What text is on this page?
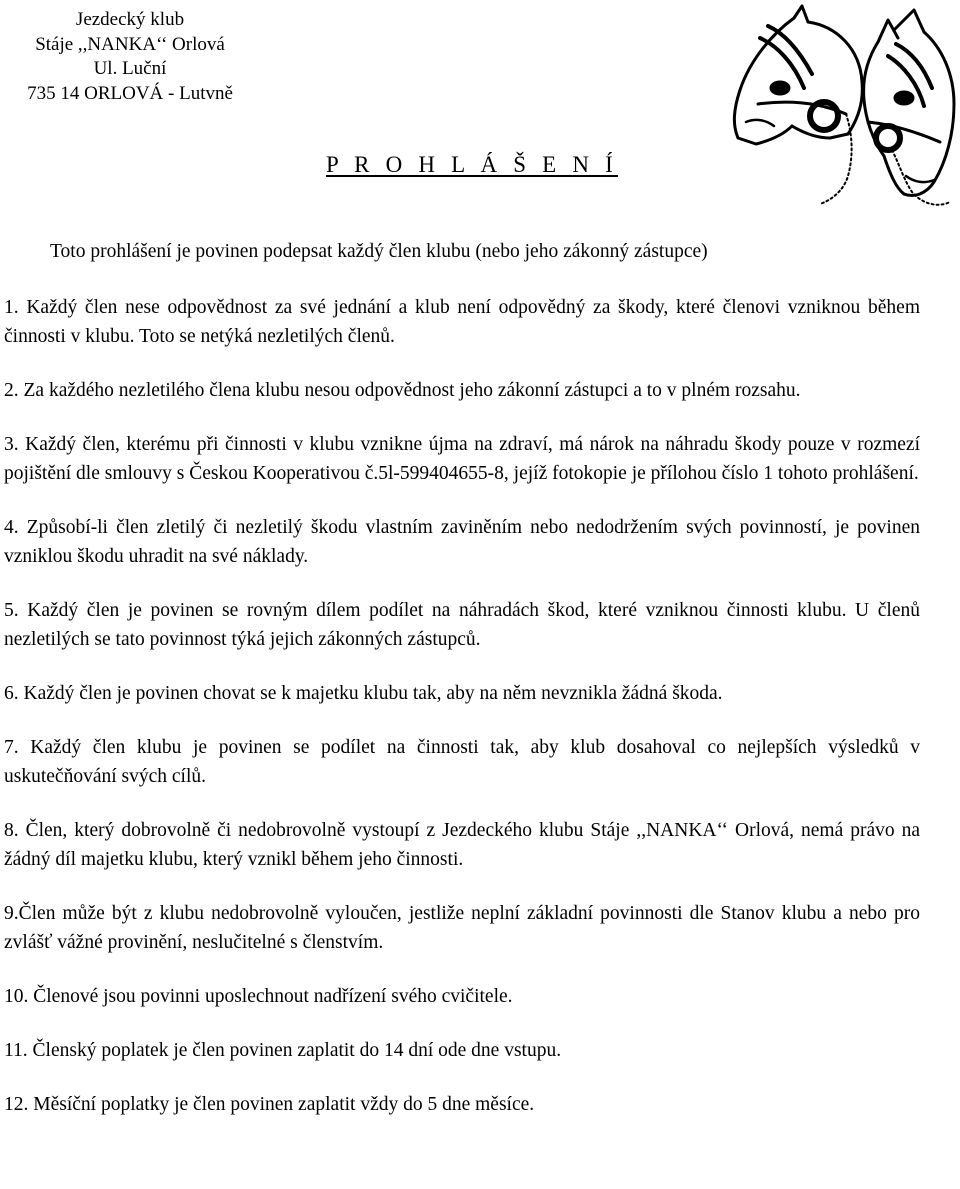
Jezdecký klub
Stáje ,,NANKA‘‘ Orlová
Ul. Luční
735 14 ORLOVÁ - Lutvně
P R O H L Á Š E N Í
Toto prohlášení je povinen podepsat každý člen klubu (nebo jeho zákonný zástupce)
1. Každý člen nese odpovědnost za své jednání a klub není odpovědný za škody, které členovi vzniknou během činnosti v klubu. Toto se netýká nezletilých členů.
2. Za každého nezletilého člena klubu nesou odpovědnost jeho zákonní zástupci a to v plném rozsahu.
3. Každý člen, kterému při činnosti v klubu vznikne újma na zdraví, má nárok na náhradu škody pouze v rozmezí pojištění dle smlouvy s Českou Kooperativou č.5l-599404655-8, jejíž fotokopie je přílohou číslo 1 tohoto prohlášení.
4. Způsobí-li člen zletilý či nezletilý škodu vlastním zaviněním nebo nedodržením svých povinností, je povinen vzniklou škodu uhradit na své náklady.
5. Každý člen je povinen se rovným dílem podílet na náhradách škod, které vzniknou činnosti klubu. U členů nezletilých se tato povinnost týká jejich zákonných zástupců.
6. Každý člen je povinen chovat se k majetku klubu tak, aby na něm nevznikla žádná škoda.
7. Každý člen klubu je povinen se podílet na činnosti tak, aby klub dosahoval co nejlepších výsledků v uskutečňování svých cílů.
8. Člen, který dobrovolně či nedobrovolně vystoupí z Jezdeckého klubu Stáje ,,NANKA‘‘ Orlová, nemá právo na žádný díl majetku klubu, který vznikl během jeho činnosti.
9.Člen může být z klubu nedobrovolně vyloučen, jestliže neplní základní povinnosti dle Stanov klubu a nebo pro zvlášť vážné provinění, neslučitelné s členstvím.
10. Členové jsou povinni uposlechnout nadřízení svého cvičitele.
11. Členský poplatek je člen povinen zaplatit do 14 dní ode dne vstupu.
12. Měsíční poplatky je člen povinen zaplatit vždy do 5 dne měsíce.
